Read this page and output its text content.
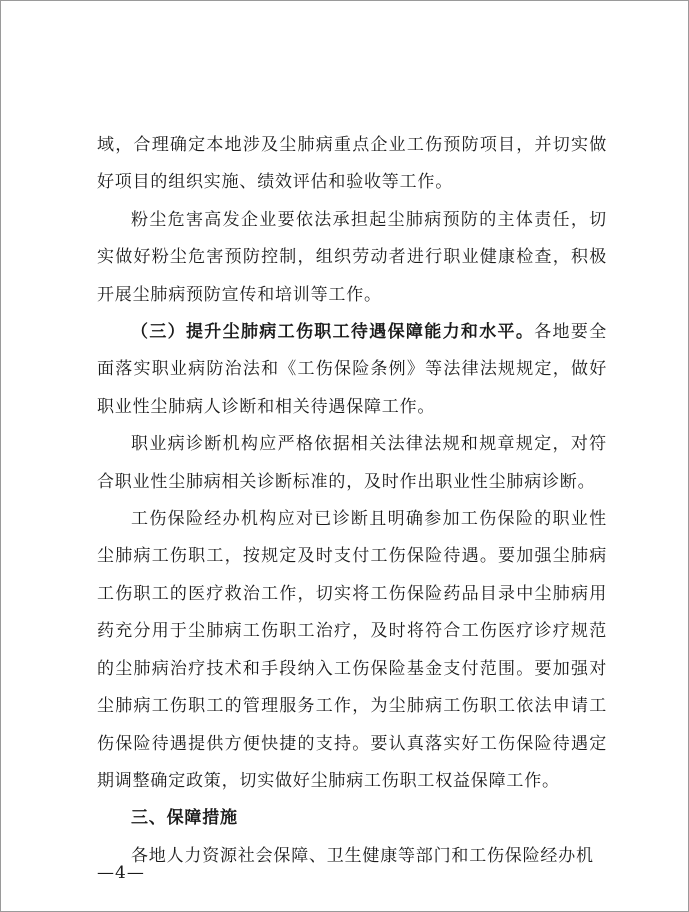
域，合理确定本地涉及尘肺病重点企业工伤预防项目，并切实做好项目的组织实施、绩效评估和验收等工作。

粉尘危害高发企业要依法承担起尘肺病预防的主体责任，切实做好粉尘危害预防控制，组织劳动者进行职业健康检查，积极开展尘肺病预防宣传和培训等工作。

（三）提升尘肺病工伤职工待遇保障能力和水平。各地要全面落实职业病防治法和《工伤保险条例》等法律法规规定，做好职业性尘肺病人诊断和相关待遇保障工作。

职业病诊断机构应严格依据相关法律法规和规章规定，对符合职业性尘肺病相关诊断标准的，及时作出职业性尘肺病诊断。

工伤保险经办机构应对已诊断且明确参加工伤保险的职业性尘肺病工伤职工，按规定及时支付工伤保险待遇。要加强尘肺病工伤职工的医疗救治工作，切实将工伤保险药品目录中尘肺病用药充分用于尘肺病工伤职工治疗，及时将符合工伤医疗诊疗规范的尘肺病治疗技术和手段纳入工伤保险基金支付范围。要加强对尘肺病工伤职工的管理服务工作，为尘肺病工伤职工依法申请工伤保险待遇提供方便快捷的支持。要认真落实好工伤保险待遇定期调整确定政策，切实做好尘肺病工伤职工权益保障工作。

三、保障措施

各地人力资源社会保障、卫生健康等部门和工伤保险经办机

—4—
